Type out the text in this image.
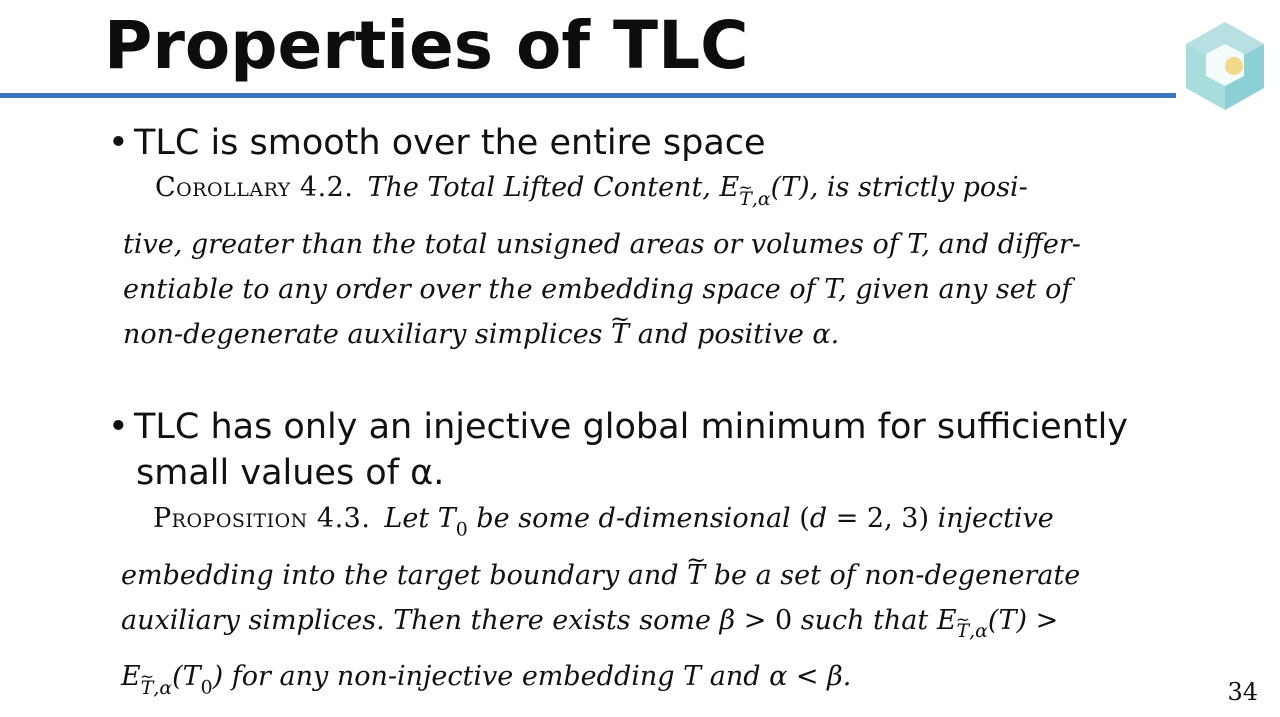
Properties of TLC
• TLC is smooth over the entire space
Corollary 4.2. The Total Lifted Content, E~ $_{T,\alpha}$(T), is strictly posi-
tive, greater than the total unsigned areas or volumes of T, and differ-
entiable to any order over the embedding space of T, given any set of
non-degenerate auxiliary simplices ~ T and positive α.
• TLC has only an injective global minimum for sufficiently
small values of α.
Proposition 4.3. Let $T_0$ be some d-dimensional (d = 2, 3) injective
embedding into the target boundary and ~ T be a set of non-degenerate
auxiliary simplices. Then there exists some β > 0 such that E~ $_{T,\alpha}$(T) >
E~ $_{T,\alpha}(T_0)$ for any non-injective embedding T and α < β.	34
